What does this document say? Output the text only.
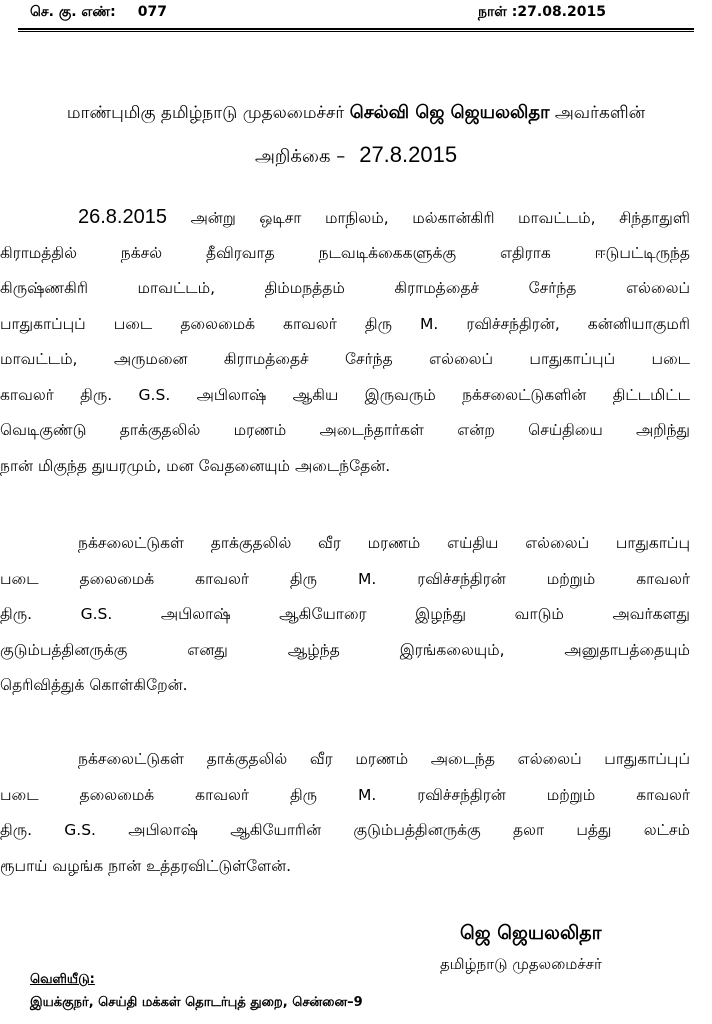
செ. கு. எண்: 077	நாள் :27.08.2015
மாண்புமிகு தமிழ்நாடு முதலமைச்சர் செல்வி ஜெ ஜெயலலிதா அவர்களின்
அறிக்கை – 27.8.2015
26.8.2015 அன்று ஒடிசா மாநிலம், மல்கான்கிரி மாவட்டம், சிந்தாதுளி
கிராமத்தில் நக்சல் தீவிரவாத நடவடிக்கைகளுக்கு எதிராக ஈடுபட்டிருந்த
கிருஷ்ணகிரி மாவட்டம், திம்மநத்தம் கிராமத்தைச் சேர்ந்த எல்லைப்
பாதுகாப்புப் படை தலைமைக் காவலர் திரு M. ரவிச்சந்திரன், கன்னியாகுமரி
மாவட்டம், அருமனை கிராமத்தைச் சேர்ந்த எல்லைப் பாதுகாப்புப் படை
காவலர் திரு. G.S. அபிலாஷ் ஆகிய இருவரும் நக்சலைட்டுகளின் திட்டமிட்ட
வெடிகுண்டு தாக்குதலில் மரணம் அடைந்தார்கள் என்ற செய்தியை அறிந்து
நான் மிகுந்த துயரமும், மன வேதனையும் அடைந்தேன்.
நக்சலைட்டுகள் தாக்குதலில் வீர மரணம் எய்திய எல்லைப் பாதுகாப்பு
படை தலைமைக் காவலர் திரு M. ரவிச்சந்திரன் மற்றும் காவலர்
திரு. G.S. அபிலாஷ் ஆகியோரை இழந்து வாடும் அவர்களது
குடும்பத்தினருக்கு எனது ஆழ்ந்த இரங்கலையும், அனுதாபத்தையும்
தெரிவித்துக் கொள்கிறேன்.
நக்சலைட்டுகள் தாக்குதலில் வீர மரணம் அடைந்த எல்லைப் பாதுகாப்புப்
படை தலைமைக் காவலர் திரு M. ரவிச்சந்திரன் மற்றும் காவலர்
திரு. G.S. அபிலாஷ் ஆகியோரின் குடும்பத்தினருக்கு தலா பத்து லட்சம்
ரூபாய் வழங்க நான் உத்தரவிட்டுள்ளேன்.
ஜெ ஜெயலலிதா
தமிழ்நாடு முதலமைச்சர்
வெளியீடு:
இயக்குநர், செய்தி மக்கள் தொடர்புத் துறை, சென்னை–9
